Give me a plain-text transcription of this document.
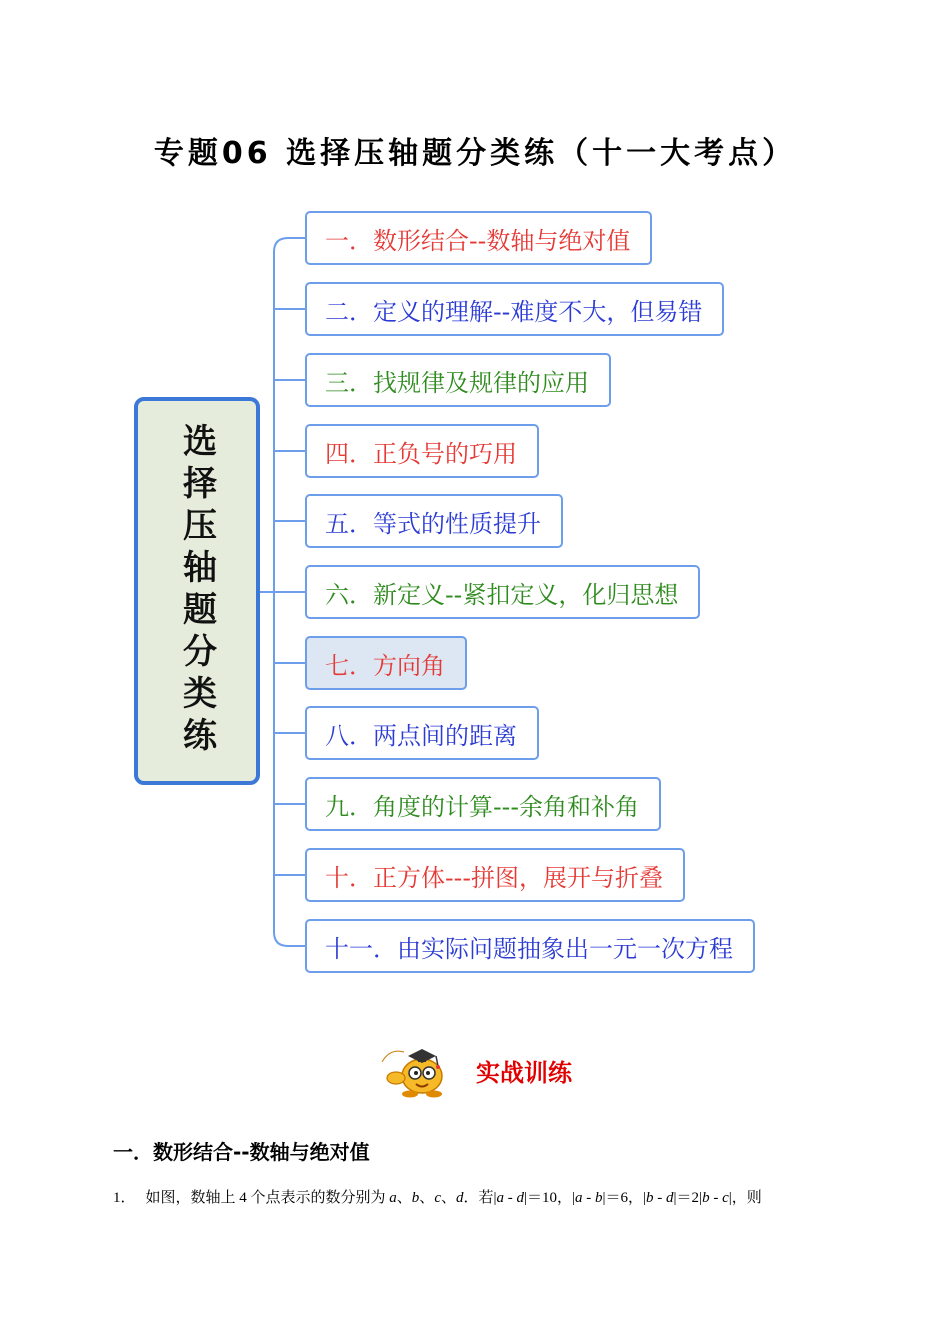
专题06 选择压轴题分类练（十一大考点）
选择压轴题分类练
一．数形结合--数轴与绝对值
二．定义的理解--难度不大，但易错
三．找规律及规律的应用
四．正负号的巧用
五．等式的性质提升
六．新定义--紧扣定义，化归思想
七．方向角
八．两点间的距离
九．角度的计算---余角和补角
十．正方体---拼图，展开与折叠
十一．由实际问题抽象出一元一次方程
实战训练
一．数形结合--数轴与绝对值
1． 如图，数轴上 4 个点表示的数分别为 a、b、c、d．若|a - d|＝10，|a - b|＝6，|b - d|＝2|b - c|，则
